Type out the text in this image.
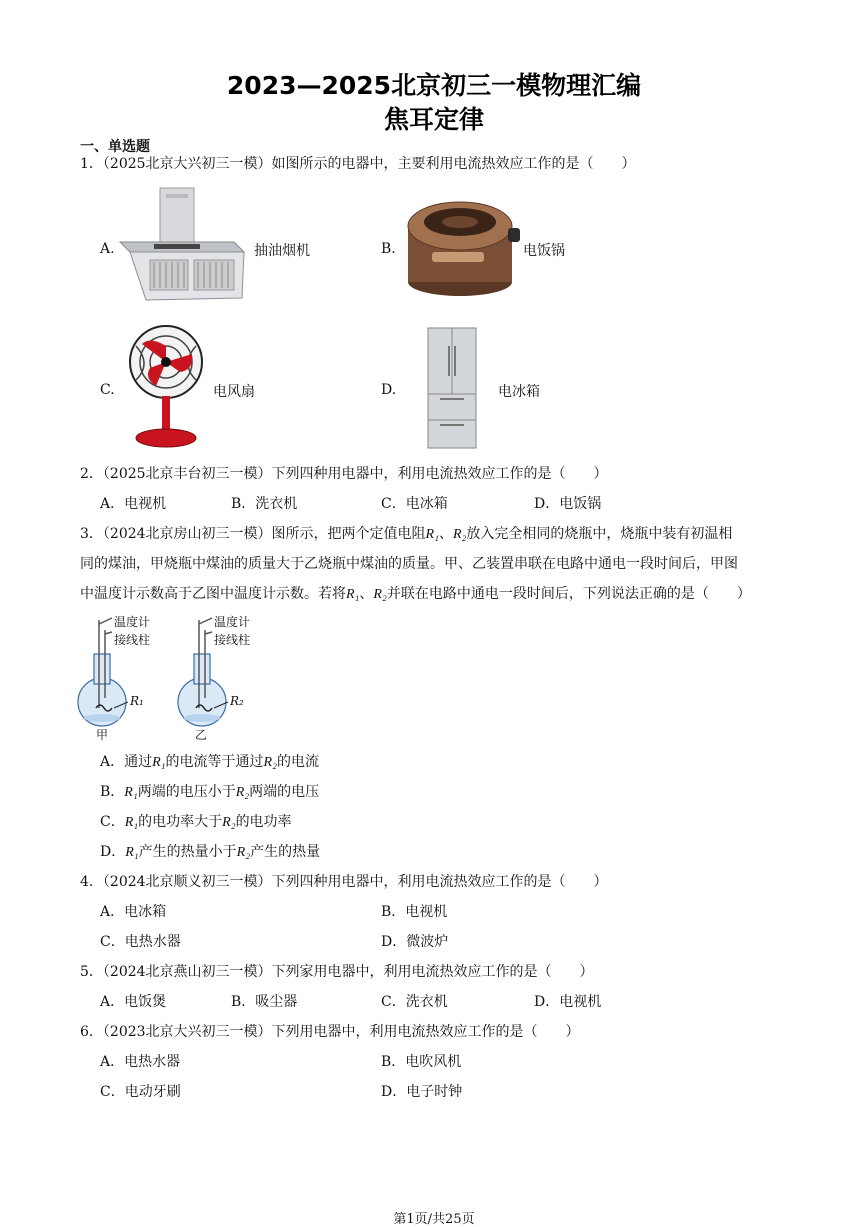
2023—2025北京初三一模物理汇编
焦耳定律
一、单选题
1．（2025北京大兴初三一模）如图所示的电器中，主要利用电流热效应工作的是（　　）
A.	抽油烟机	B.	电饭锅
C.	电风扇	D.	电冰箱
2．（2025北京丰台初三一模）下列四种用电器中，利用电流热效应工作的是（　　）
A．电视机	B．洗衣机	C．电冰箱	D．电饭锅
3．（2024北京房山初三一模）图所示，把两个定值电阻R₁、R₂放入完全相同的烧瓶中，烧瓶中装有初温相
同的煤油，甲烧瓶中煤油的质量大于乙烧瓶中煤油的质量。甲、乙装置串联在电路中通电一段时间后，甲图
中温度计示数高于乙图中温度计示数。若将R₁、R₂并联在电路中通电一段时间后，下列说法正确的是（　　）
温度计
接线柱
温度计
接线柱
R₁	R₂
甲	乙
A．通过R₁的电流等于通过R₂的电流
B．R₁两端的电压小于R₂两端的电压
C．R₁的电功率大于R₂的电功率
D．R₁产生的热量小于R₂产生的热量
4．（2024北京顺义初三一模）下列四种用电器中，利用电流热效应工作的是（　　）
A．电冰箱	B．电视机
C．电热水器	D．微波炉
5．（2024北京燕山初三一模）下列家用电器中，利用电流热效应工作的是（　　）
A．电饭煲	B．吸尘器	C．洗衣机	D．电视机
6．（2023北京大兴初三一模）下列用电器中，利用电流热效应工作的是（　　）
A．电热水器	B．电吹风机
C．电动牙刷	D．电子时钟
第1页/共25页
